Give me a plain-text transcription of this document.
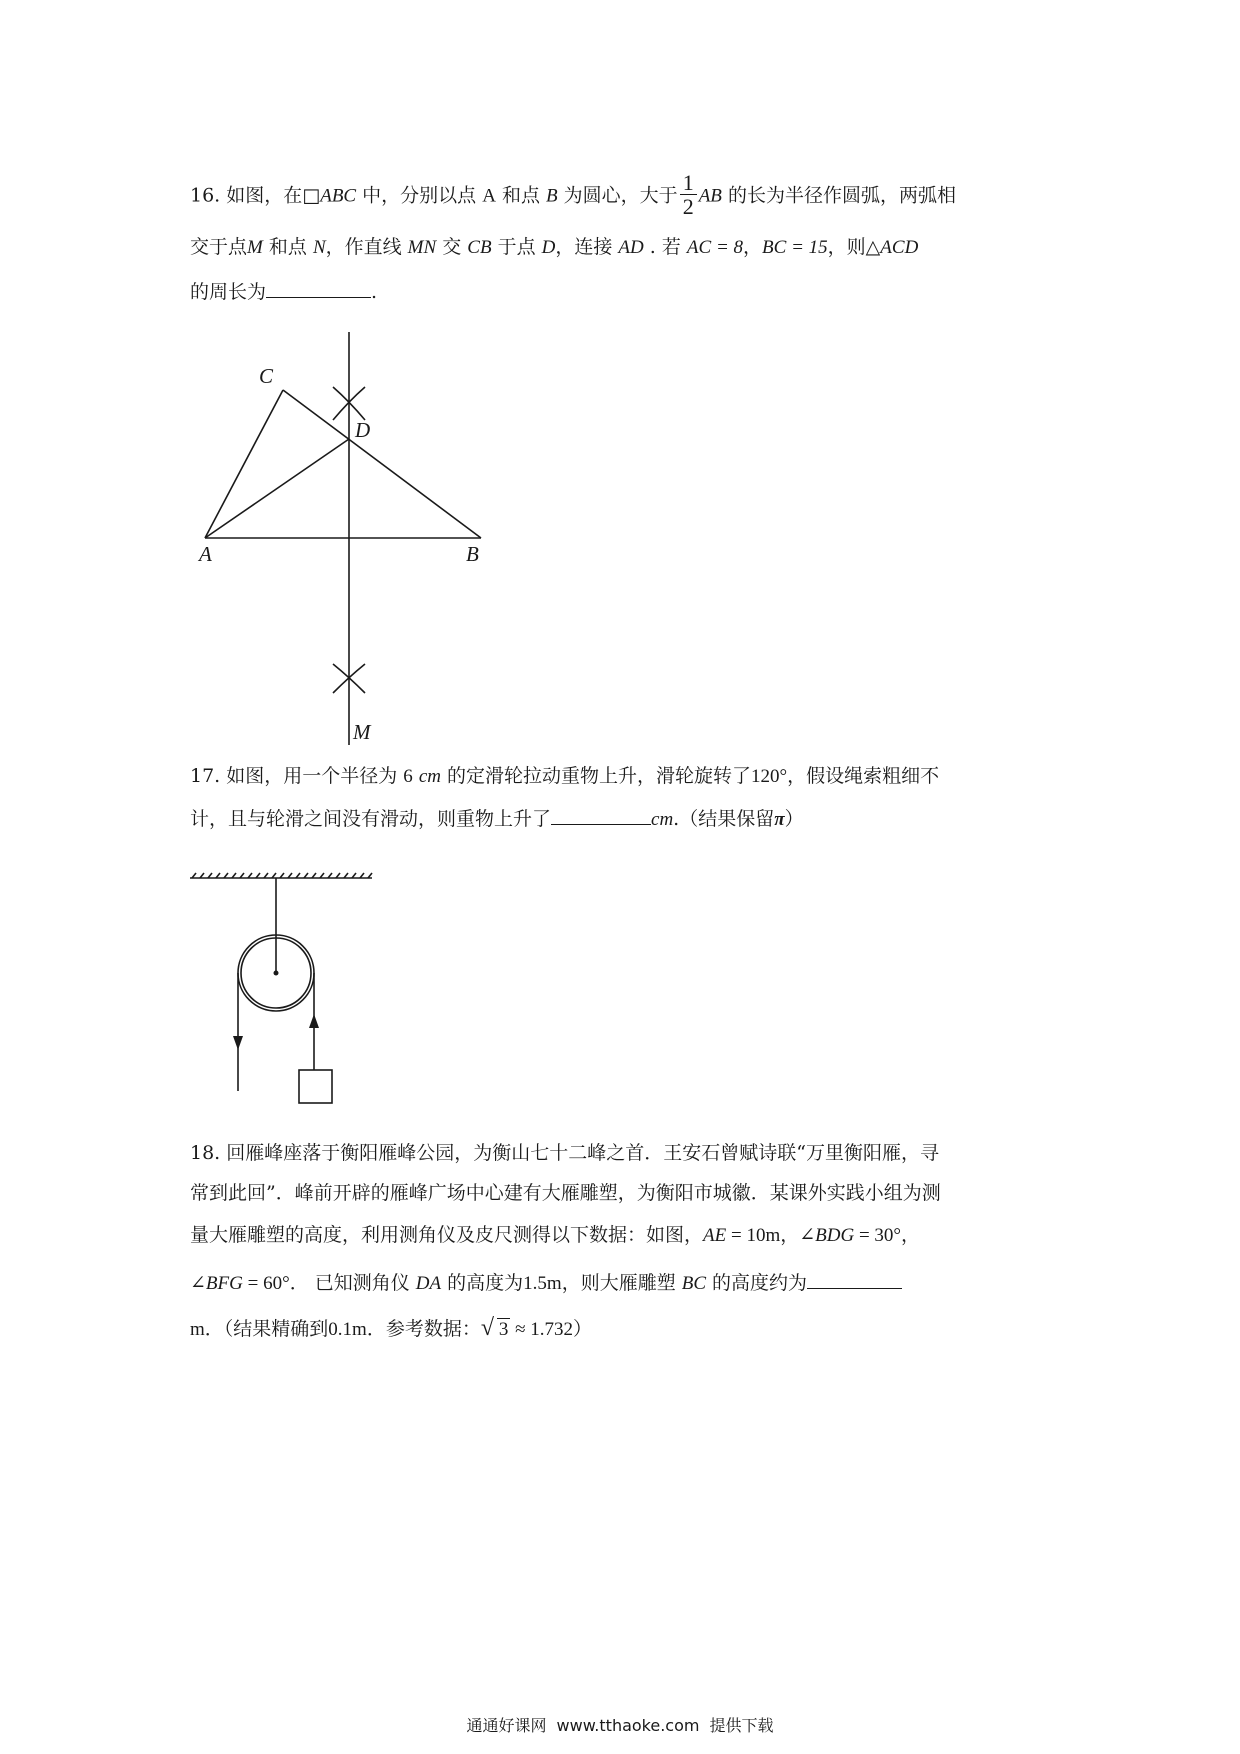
16. 如图，在□ABC 中，分别以点 A 和点 B 为圆心，大于 $\frac{1}{2}$ AB 的长为半径作圆弧，两弧相
交于点M 和点 N，作直线 MN 交 CB 于点 D，连接 AD . 若 AC = 8，BC = 15，则△ACD
的周长为	.
C
D
A	B
M
17. 如图，用一个半径为 6 cm 的定滑轮拉动重物上升，滑轮旋转了120°，假设绳索粗细不
计，且与轮滑之间没有滑动，则重物上升了	cm.（结果保留π）
18. 回雁峰座落于衡阳雁峰公园，为衡山七十二峰之首．王安石曾赋诗联“万里衡阳雁，寻
常到此回”．峰前开辟的雁峰广场中心建有大雁雕塑，为衡阳市城徽．某课外实践小组为测
量大雁雕塑的高度，利用测角仪及皮尺测得以下数据：如图，AE = 10m，∠BDG = 30°，
∠BFG = 60°． 已知测角仪 DA 的高度为1.5m，则大雁雕塑 BC 的高度约为
m．（结果精确到0.1m．参考数据： √ 3 ≈ 1.732）
通通好课网 www.tthaoke.com 提供下载
